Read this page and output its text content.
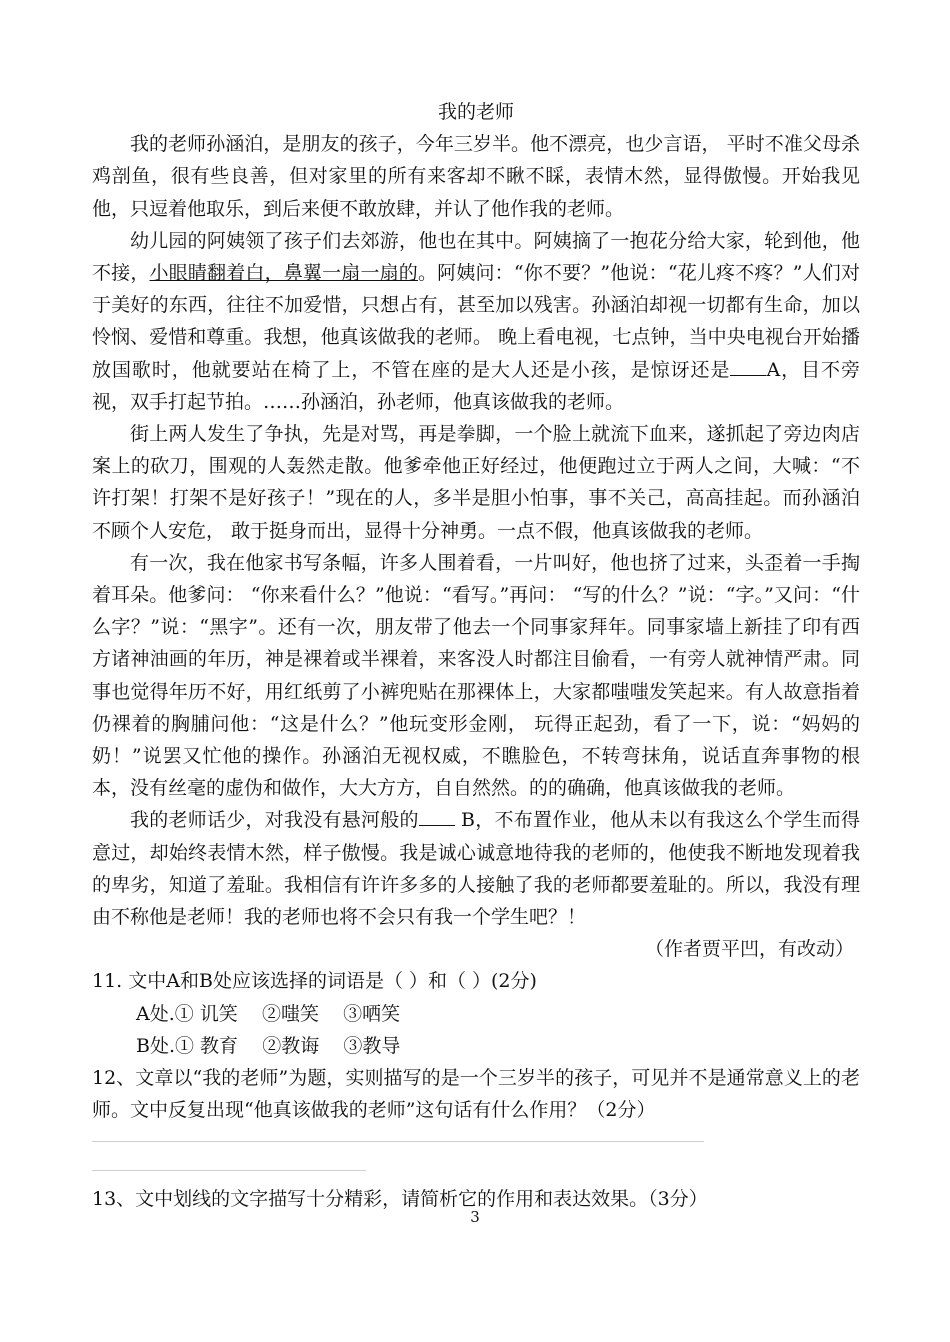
我的老师

我的老师孙涵泊，是朋友的孩子，今年三岁半。他不漂亮，也少言语， 平时不准父母杀鸡剖鱼，很有些良善，但对家里的所有来客却不瞅不睬，表情木然，显得傲慢。开始我见他，只逗着他取乐，到后来便不敢放肆，并认了他作我的老师。

幼儿园的阿姨领了孩子们去郊游，他也在其中。阿姨摘了一抱花分给大家，轮到他，他不接，小眼睛翻着白，鼻翼一扇一扇的。阿姨问：“你不要？”他说：“花儿疼不疼？”人们对于美好的东西，往往不加爱惜，只想占有，甚至加以残害。孙涵泊却视一切都有生命，加以怜悯、爱惜和尊重。我想，他真该做我的老师。 晚上看电视，七点钟，当中央电视台开始播放国歌时，他就要站在椅了上，不管在座的是大人还是小孩，是惊讶还是 A，目不旁视，双手打起节拍。……孙涵泊，孙老师，他真该做我的老师。

街上两人发生了争执，先是对骂，再是拳脚，一个脸上就流下血来，遂抓起了旁边肉店案上的砍刀，围观的人轰然走散。他爹牵他正好经过，他便跑过立于两人之间，大喊：“不许打架！打架不是好孩子！”现在的人，多半是胆小怕事，事不关己，高高挂起。而孙涵泊不顾个人安危， 敢于挺身而出，显得十分神勇。一点不假，他真该做我的老师。

有一次，我在他家书写条幅，许多人围着看，一片叫好，他也挤了过来，头歪着一手掏着耳朵。他爹问： “你来看什么？”他说：“看写。”再问： “写的什么？”说：“字。”又问：“什么字？”说：“黑字”。还有一次，朋友带了他去一个同事家拜年。同事家墙上新挂了印有西方诸神油画的年历，神是裸着或半裸着，来客没人时都注目偷看，一有旁人就神情严肃。同事也觉得年历不好，用红纸剪了小裤兜贴在那裸体上，大家都嗤嗤发笑起来。有人故意指着仍裸着的胸脯问他：“这是什么？”他玩变形金刚， 玩得正起劲，看了一下，说：“妈妈的奶！”说罢又忙他的操作。孙涵泊无视权威，不瞧脸色，不转弯抹角，说话直奔事物的根本，没有丝毫的虚伪和做作，大大方方，自自然然。的的确确，他真该做我的老师。

我的老师话少，对我没有悬河般的 B，不布置作业，他从未以有我这么个学生而得意过，却始终表情木然，样子傲慢。我是诚心诚意地待我的老师的，他使我不断地发现着我的卑劣，知道了羞耻。我相信有许许多多的人接触了我的老师都要羞耻的。所以，我没有理由不称他是老师！我的老师也将不会只有我一个学生吧？！

（作者贾平凹，有改动）

11. 文中A和B处应该选择的词语是（ ）和（ ）(2分)

A处.① 讥笑    ②嗤笑    ③哂笑

B处.① 教育    ②教诲    ③教导

12、文章以“我的老师”为题，实则描写的是一个三岁半的孩子，可见并不是通常意义上的老师。文中反复出现“他真该做我的老师”这句话有什么作用？（2分）

13、文中划线的文字描写十分精彩，请简析它的作用和表达效果。（3分）

3
